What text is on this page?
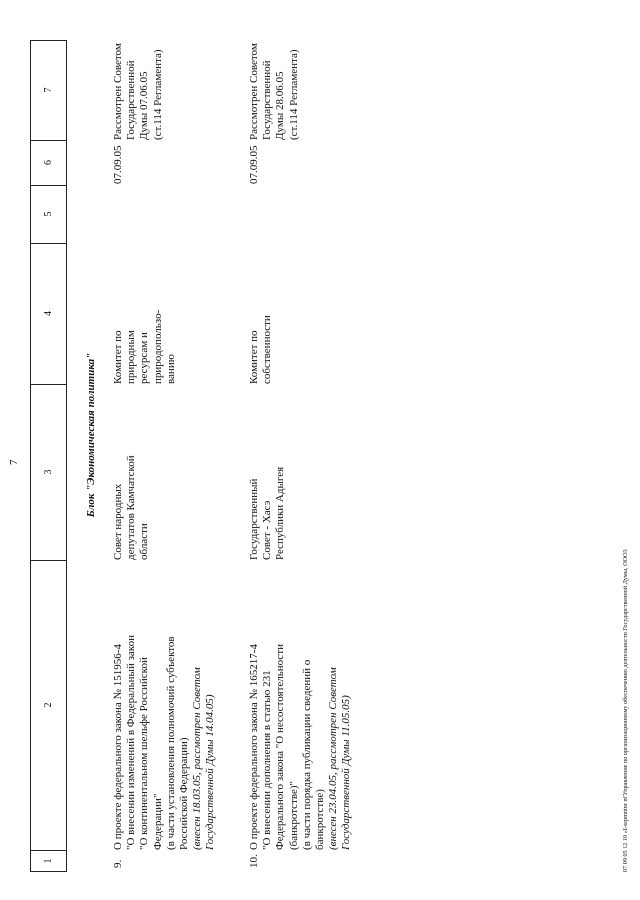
7
1
2
3
4
5
6
7
Блок "Экономическая политика"
9.
О проекте федерального закона № 151956-4 "О внесении изменений в Федеральный закон "О континентальном шельфе Российской Федерации" (в части установления полномочий субъектов Российской Федерации) (внесен 18.03.05, рассмотрен Советом Государственной Думы 14.04.05)
Совет народных депутатов Камчатской области
Комитет по природным ресурсам и природопользо- ванию
07.09.05
Рассмотрен Советом Государственной Думы 07.06.05 (ст.114 Регламента)
10.
О проекте федерального закона № 165217-4 "О внесении дополнения в статью 231 Федерального закона "О несостоятельности (банкротстве)" (в части порядка публикации сведений о банкротстве) (внесен 23.04.05, рассмотрен Советом Государственной Думы 11.05.05)
Государственный Совет - Хасэ Республики Адыгея
Комитет по собственности
07.09.05
Рассмотрен Советом Государственной Думы 28.06.05 (ст.114 Регламента)
07 09 05 12 10 «I-sepmntnr nt'Управление по организационному обеспечению деятельности Государственной Думы, ООО3
